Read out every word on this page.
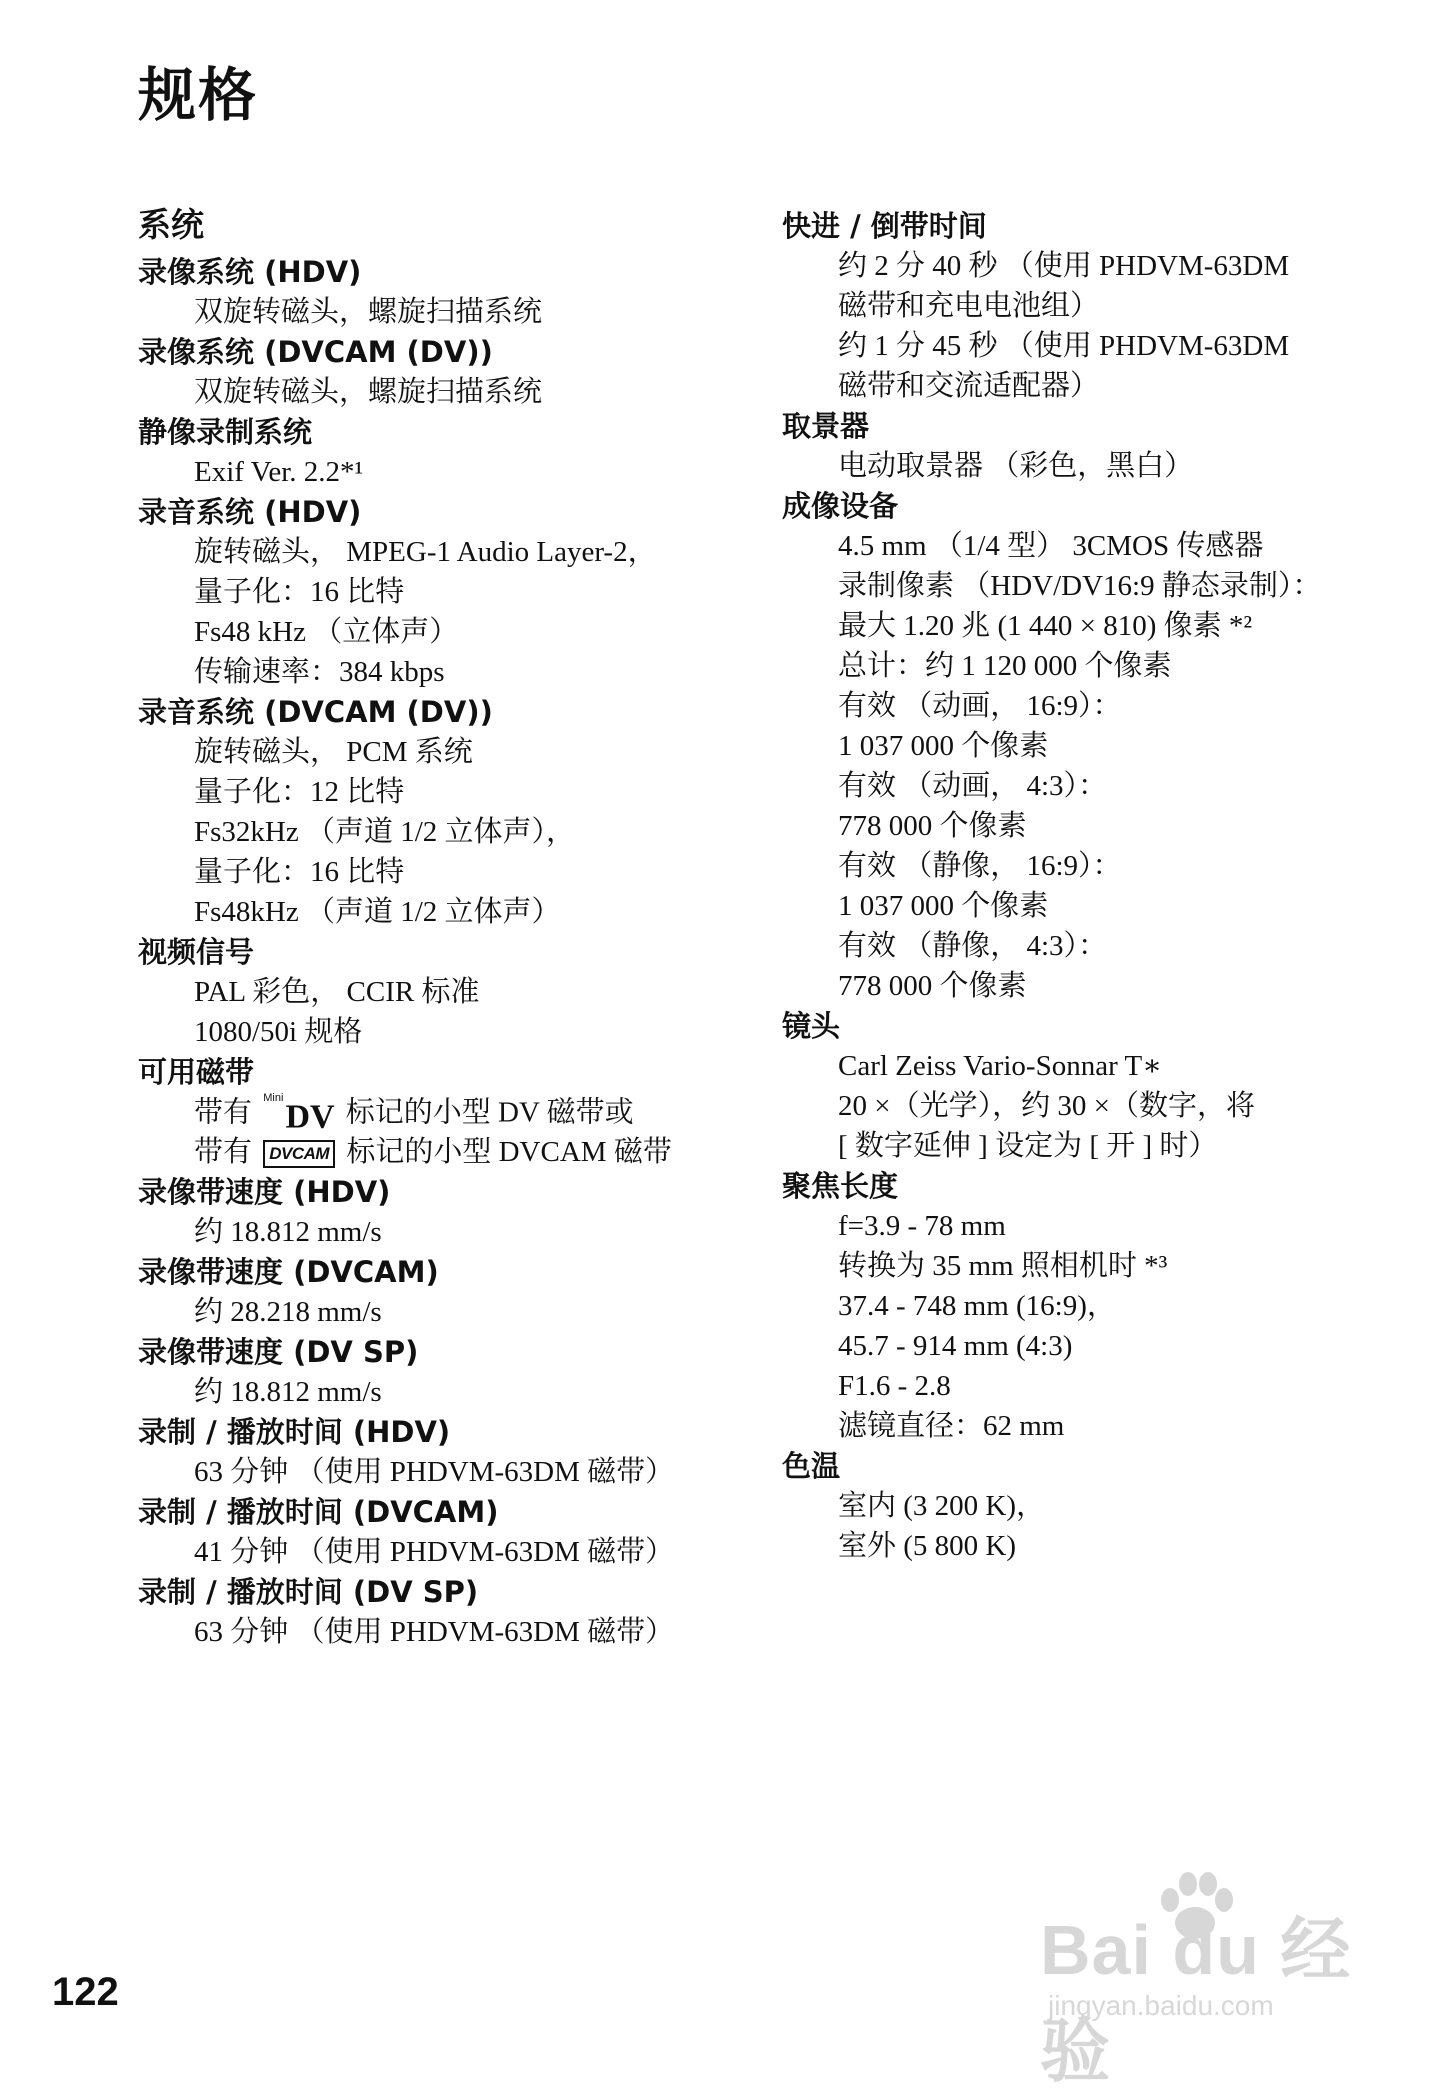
规格
系统
录像系统 (HDV)
双旋转磁头，螺旋扫描系统
录像系统 (DVCAM (DV))
双旋转磁头，螺旋扫描系统
静像录制系统
Exif Ver. 2.2*¹
录音系统 (HDV)
旋转磁头， MPEG-1 Audio Layer-2，
量子化：16 比特
Fs48 kHz （立体声）
传输速率：384 kbps
录音系统 (DVCAM (DV))
旋转磁头， PCM 系统
量子化：12 比特
Fs32kHz （声道 1/2 立体声），
量子化：16 比特
Fs48kHz （声道 1/2 立体声）
视频信号
PAL 彩色， CCIR 标准
1080/50i 规格
可用磁带
带有 $^{Mini}$DV 标记的小型 DV 磁带或
带有 DVCAM 标记的小型 DVCAM 磁带
录像带速度 (HDV)
约 18.812 mm/s
录像带速度 (DVCAM)
约 28.218 mm/s
录像带速度 (DV SP)
约 18.812 mm/s
录制 / 播放时间 (HDV)
63 分钟 （使用 PHDVM-63DM 磁带）
录制 / 播放时间 (DVCAM)
41 分钟 （使用 PHDVM-63DM 磁带）
录制 / 播放时间 (DV SP)
63 分钟 （使用 PHDVM-63DM 磁带）
快进 / 倒带时间
约 2 分 40 秒 （使用 PHDVM-63DM
磁带和充电电池组）
约 1 分 45 秒 （使用 PHDVM-63DM
磁带和交流适配器）
取景器
电动取景器 （彩色，黑白）
成像设备
4.5 mm （1/4 型） 3CMOS 传感器
录制像素 （HDV/DV16:9 静态录制）：
最大 1.20 兆 (1 440 × 810) 像素 *²
总计：约 1 120 000 个像素
有效 （动画， 16:9）：
1 037 000 个像素
有效 （动画， 4:3）：
778 000 个像素
有效 （静像， 16:9）：
1 037 000 个像素
有效 （静像， 4:3）：
778 000 个像素
镜头
Carl Zeiss Vario-Sonnar T∗
20 ×（光学），约 30 ×（数字，将
[ 数字延伸 ] 设定为 [ 开 ] 时）
聚焦长度
f=3.9 - 78 mm
转换为 35 mm 照相机时 *³
37.4 - 748 mm (16:9)，
45.7 - 914 mm (4:3)
F1.6 - 2.8
滤镜直径：62 mm
色温
室内 (3 200 K)，
室外 (5 800 K)
122
Bai du 经验
jingyan.baidu.com
